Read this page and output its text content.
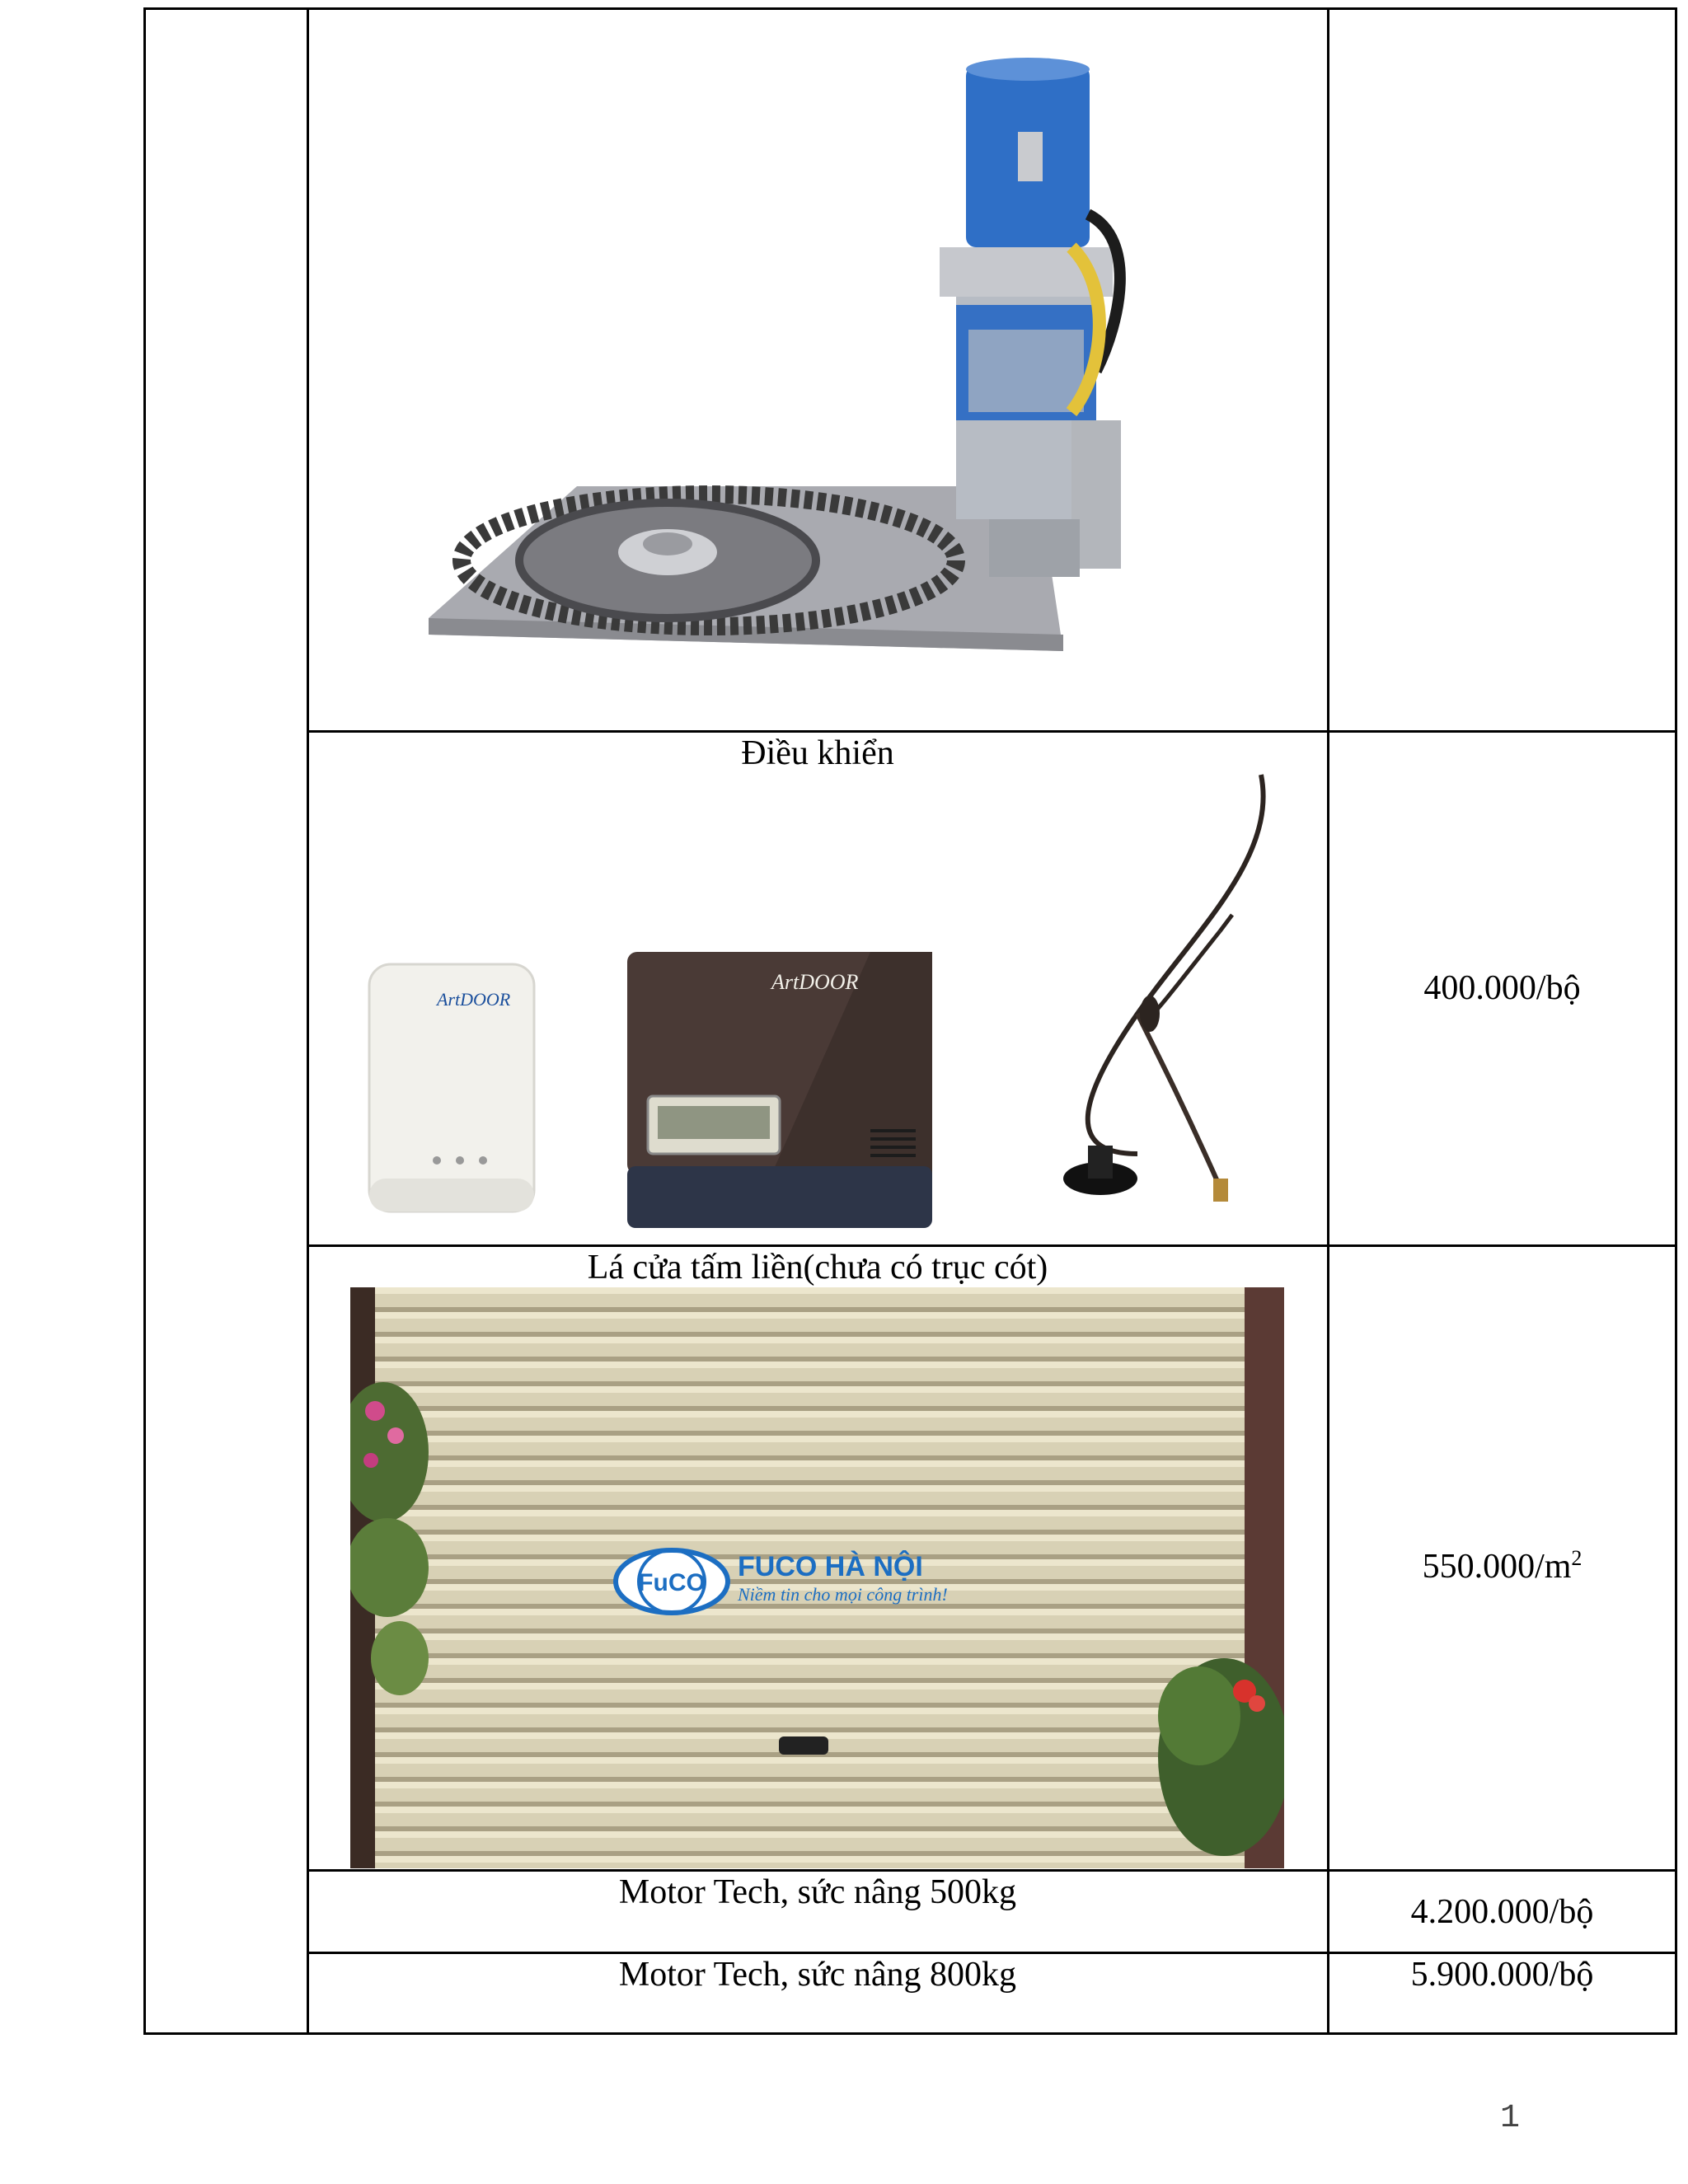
Điều khiển
ArtDOOR
ArtDOOR	400.000/bộ
Lá cửa tấm liền(chưa có trục cót)
FuCO
FUCO HÀ NỘI
Niềm tin cho mọi công trình!
$550.000/m^2$
Motor Tech, sức nâng 500kg
4.200.000/bộ
Motor Tech, sức nâng 800kg	5.900.000/bộ
1
